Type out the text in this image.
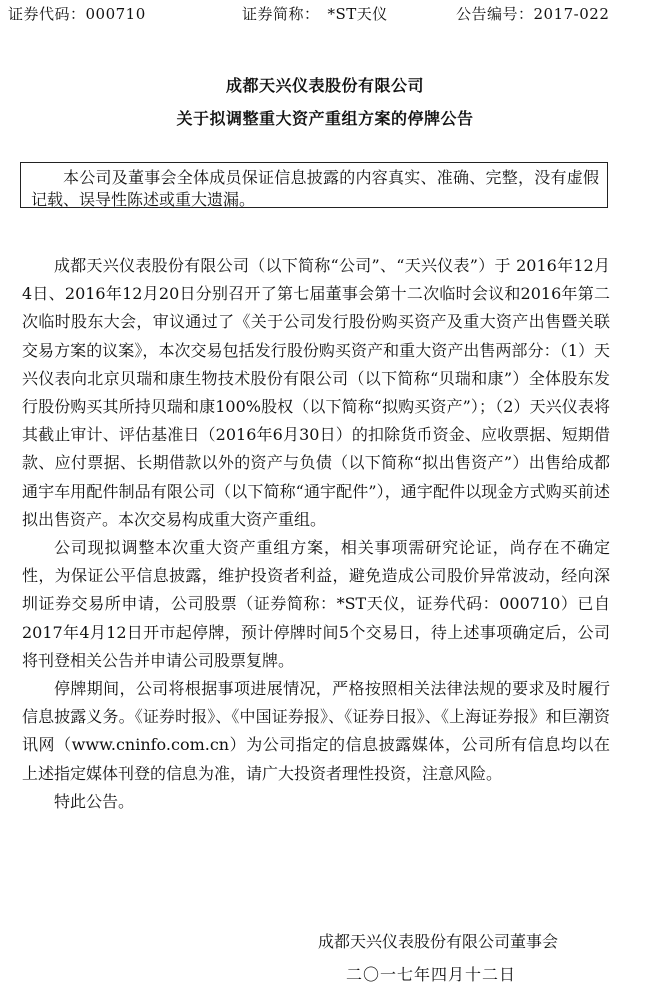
证券代码：000710	证券简称：　*ST天仪	公告编号：2017-022
成都天兴仪表股份有限公司
关于拟调整重大资产重组方案的停牌公告
本公司及董事会全体成员保证信息披露的内容真实、准确、完整，没有虚假记载、误导性陈述或重大遗漏。

成都天兴仪表股份有限公司（以下简称“公司”、“天兴仪表”）于 2016年12月4日、2016年12月20日分别召开了第七届董事会第十二次临时会议和2016年第二次临时股东大会，审议通过了《关于公司发行股份购买资产及重大资产出售暨关联交易方案的议案》，本次交易包括发行股份购买资产和重大资产出售两部分：（1）天兴仪表向北京贝瑞和康生物技术股份有限公司（以下简称“贝瑞和康”）全体股东发行股份购买其所持贝瑞和康100%股权（以下简称“拟购买资产”）；（2）天兴仪表将其截止审计、评估基准日（2016年6月30日）的扣除货币资金、应收票据、短期借款、应付票据、长期借款以外的资产与负债（以下简称“拟出售资产”）出售给成都通宇车用配件制品有限公司（以下简称“通宇配件”），通宇配件以现金方式购买前述拟出售资产。本次交易构成重大资产重组。

公司现拟调整本次重大资产重组方案，相关事项需研究论证，尚存在不确定性，为保证公平信息披露，维护投资者利益，避免造成公司股价异常波动，经向深圳证券交易所申请，公司股票（证券简称：*ST天仪，证券代码：000710）已自2017年4月12日开市起停牌，预计停牌时间5个交易日，待上述事项确定后，公司将刊登相关公告并申请公司股票复牌。

停牌期间，公司将根据事项进展情况，严格按照相关法律法规的要求及时履行信息披露义务。《证券时报》、《中国证券报》、《证券日报》、《上海证券报》和巨潮资讯网（www.cninfo.com.cn）为公司指定的信息披露媒体，公司所有信息均以在上述指定媒体刊登的信息为准，请广大投资者理性投资，注意风险。

特此公告。

成都天兴仪表股份有限公司董事会
二〇一七年四月十二日
